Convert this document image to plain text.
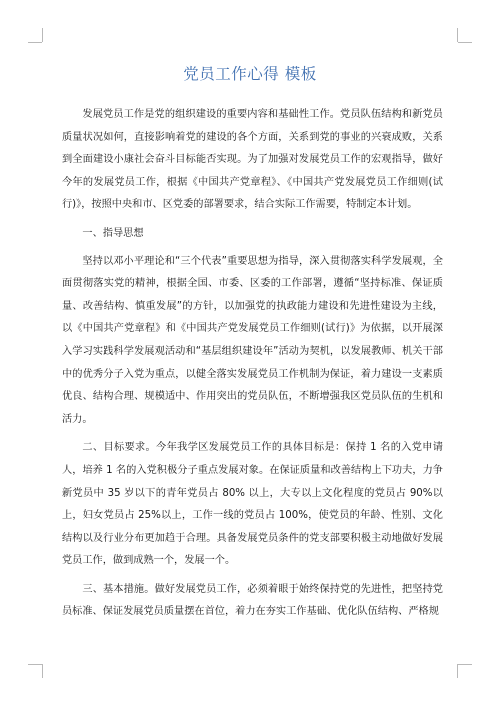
党员工作心得 模板

发展党员工作是党的组织建设的重要内容和基础性工作。党员队伍结构和新党员质量状况如何，直接影响着党的建设的各个方面，关系到党的事业的兴衰成败，关系到全面建设小康社会奋斗目标能否实现。为了加强对发展党员工作的宏观指导，做好今年的发展党员工作，根据《中国共产党章程》、《中国共产党发展党员工作细则(试行)》，按照中央和市、区党委的部署要求，结合实际工作需要，特制定本计划。

一、指导思想

坚持以邓小平理论和“三个代表”重要思想为指导，深入贯彻落实科学发展观，全面贯彻落实党的精神，根据全国、市委、区委的工作部署，遵循“坚持标准、保证质量、改善结构、慎重发展”的方针，以加强党的执政能力建设和先进性建设为主线，以《中国共产党章程》和《中国共产党发展党员工作细则(试行)》为依据，以开展深入学习实践科学发展观活动和“基层组织建设年”活动为契机，以发展教师、机关干部中的优秀分子入党为重点，以健全落实发展党员工作机制为保证，着力建设一支素质优良、结构合理、规模适中、作用突出的党员队伍，不断增强我区党员队伍的生机和活力。

二、目标要求。今年我学区发展党员工作的具体目标是：保持 1 名的入党申请人，培养 1 名的入党积极分子重点发展对象。在保证质量和改善结构上下功夫，力争新党员中 35 岁以下的青年党员占 80% 以上，大专以上文化程度的党员占 90%以上，妇女党员占 25%以上，工作一线的党员占 100%，使党员的年龄、性别、文化结构以及行业分布更加趋于合理。具备发展党员条件的党支部要积极主动地做好发展党员工作，做到成熟一个，发展一个。

三、基本措施。做好发展党员工作，必须着眼于始终保持党的先进性，把坚持党员标准、保证发展党员质量摆在首位，着力在夯实工作基础、优化队伍结构、严格规
